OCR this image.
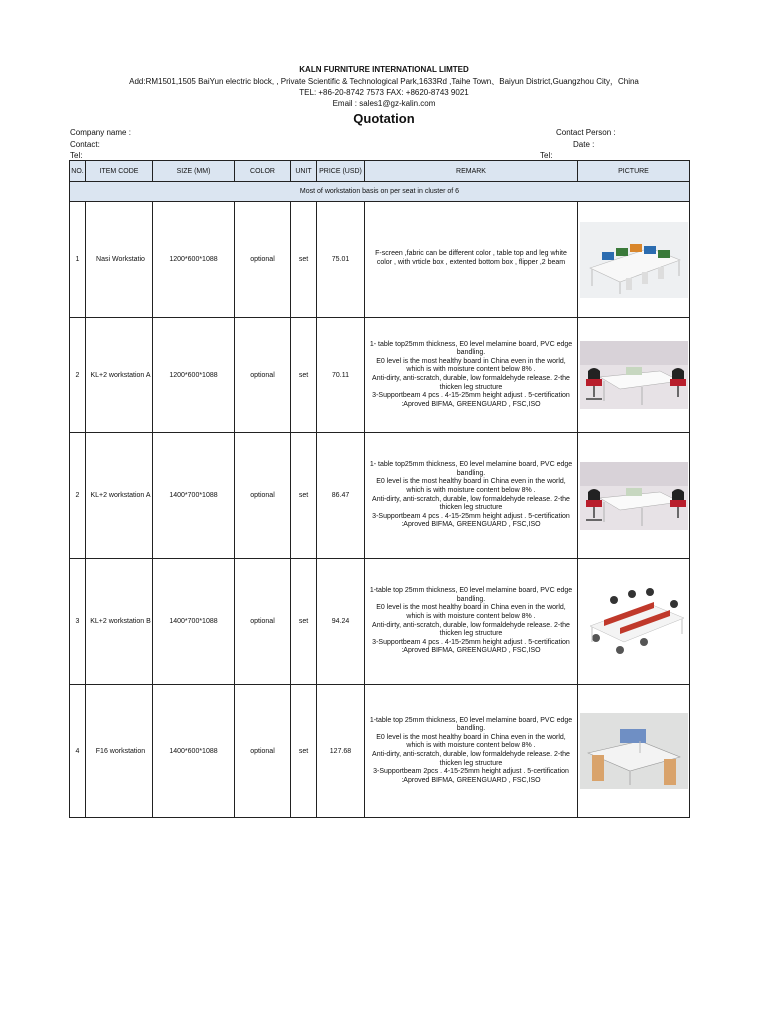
KALN FURNITURE INTERNATIONAL LIMTED
Add:RM1501,1505 BaiYun electric block, , Private Scientific & Technological Park,1633Rd ,Taihe Town、Baiyun District,Guangzhou City，China
TEL: +86-20-8742 7573 FAX: +8620-8743 9021
Email : sales1@gz-kalin.com
Quotation
Company name :
Contact:
Tel:
Contact Person :
Date :
Tel:
NO.	ITEM CODE	SIZE (MM)	COLOR	UNIT	PRICE (USD)	REMARK	PICTURE
Most of workstation basis on per seat in cluster of 6							
1	Nasi Workstatio	1200*600*1088	optional	set	75.01	F-screen ,fabric can be different color , table top and leg white color , with vrticle box , extented bottom box , flipper ,2 beam	

2	KL+2 workstation A	1200*600*1088	optional	set	70.11	1- table top25mm thickness, E0 level melamine board, PVC edge bandling.
E0 level is the most healthy board in China even in the world, which is with moisture content below 8% .
Anti-dirty, anti-scratch, durable, low formaldehyde release. 2-the thicken leg structure
3-Supportbeam 4 pcs . 4-15-25mm height adjust . 5-certification :Aproved BIFMA, GREENGUARD , FSC,ISO	

2	KL+2 workstation A	1400*700*1088	optional	set	86.47	1- table top25mm thickness, E0 level melamine board, PVC edge bandling.
E0 level is the most healthy board in China even in the world, which is with moisture content below 8% .
Anti-dirty, anti-scratch, durable, low formaldehyde release. 2-the thicken leg structure
3-Supportbeam 4 pcs . 4-15-25mm height adjust . 5-certification :Aproved BIFMA, GREENGUARD , FSC,ISO	

3	KL+2 workstation B	1400*700*1088	optional	set	94.24	1-table top 25mm thickness, E0 level melamine board, PVC edge bandling.
E0 level is the most healthy board in China even in the world, which is with moisture content below 8% .
Anti-dirty, anti-scratch, durable, low formaldehyde release. 2-the thicken leg structure
3-Supportbeam 4 pcs . 4-15-25mm height adjust . 5-certification :Aproved BIFMA, GREENGUARD , FSC,ISO	

4	F16 workstation	1400*600*1088	optional	set	127.68	1-table top 25mm thickness, E0 level melamine board, PVC edge bandling.
E0 level is the most healthy board in China even in the world, which is with moisture content below 8% .
Anti-dirty, anti-scratch, durable, low formaldehyde release. 2-the thicken leg structure
3-Supportbeam 2pcs . 4-15-25mm height adjust . 5-certification :Aproved BIFMA, GREENGUARD , FSC,ISO	
